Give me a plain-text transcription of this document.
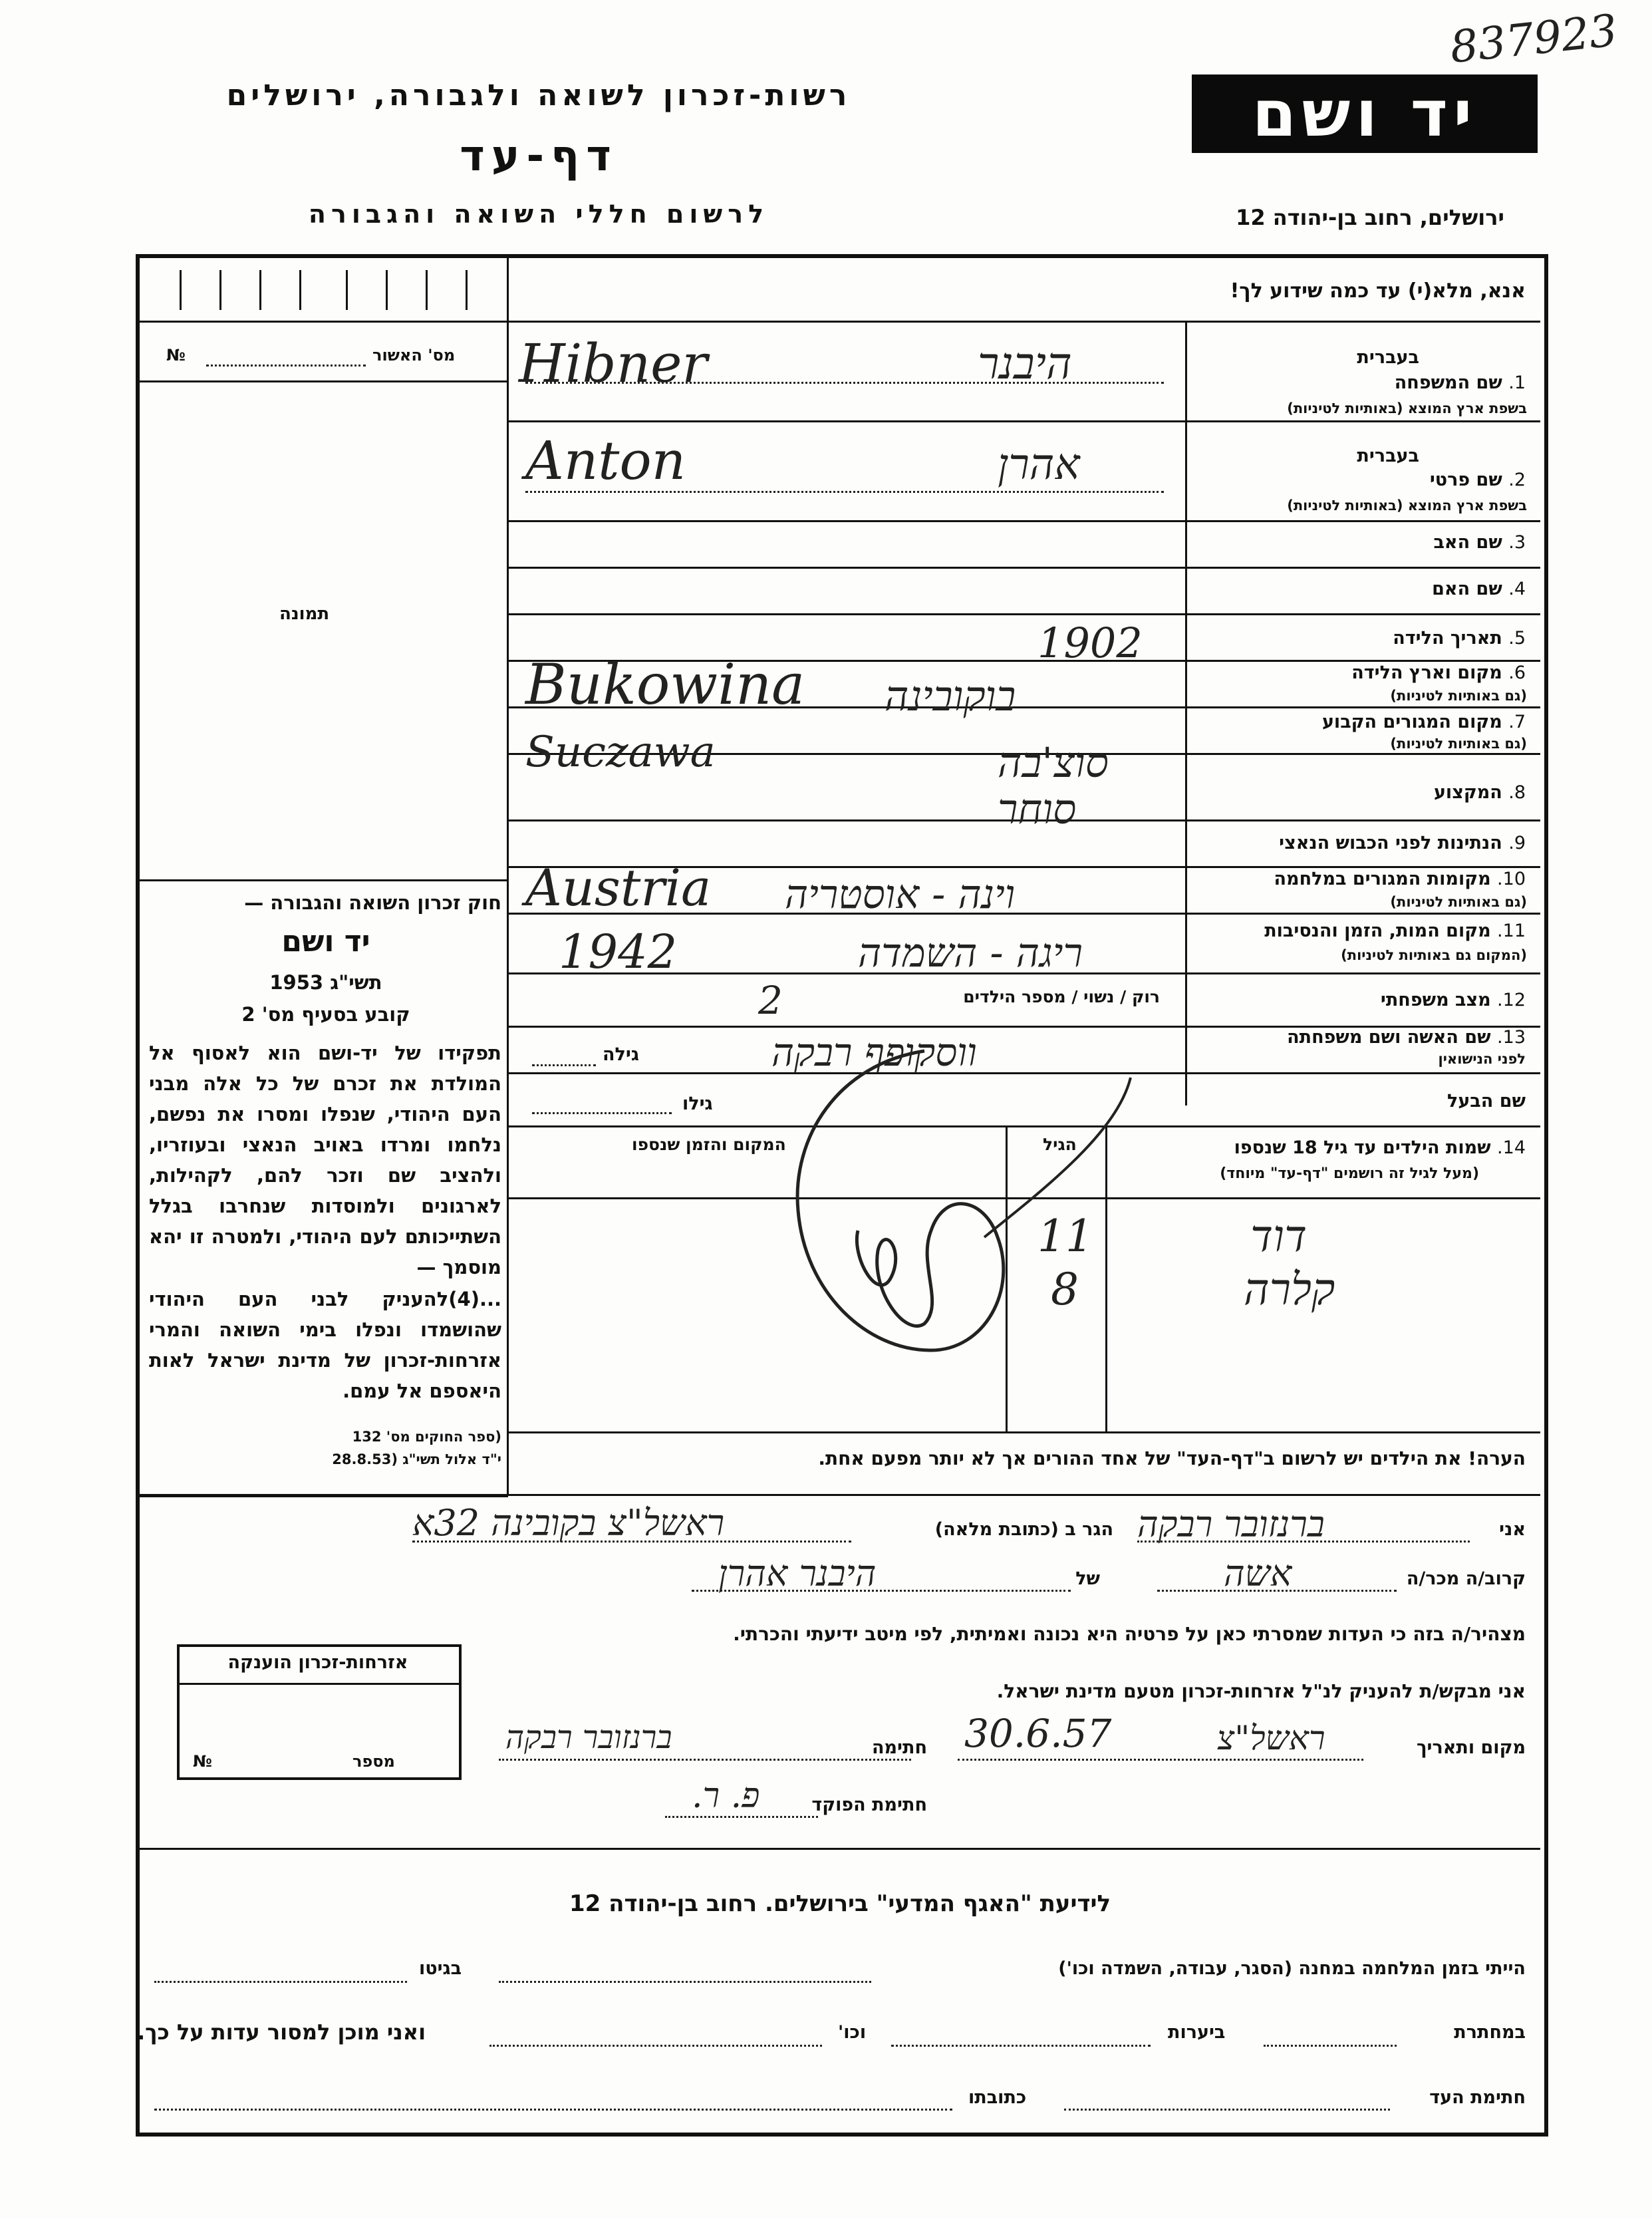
837923
רשות-זכרון לשואה ולגבורה, ירושלים
דף-עד
לרשום חללי השואה והגבורה
יד ושם
ירושלים, רחוב בן-יהודה 12
אנא, מלא(י) עד כמה שידוע לך!
מס' האשור
№
תמונה
חוק זכרון השואה והגבורה —
יד ושם
תשי"ג 1953
קובע בסעיף מס' 2
תפקידו של יד-ושם הוא לאסוף אל המולדת את זכרם של כל אלה מבני העם היהודי, שנפלו ומסרו את נפשם, נלחמו ומרדו באויב הנאצי ובעוזריו, ולהציב שם וזכר להם, לקהילות, לארגונים ולמוסדות שנחרבו בגלל השתייכותם לעם היהודי, ולמטרה זו יהא מוסמך —
...(4)להעניק לבני העם היהודי שהושמדו ונפלו בימי השואה והמרי אזרחות-זכרון של מדינת ישראל לאות היאספם אל עמם.
(ספר החוקים מס' 132
י"ד אלול תשי"ג (28.8.53
1. שם המשפחה
בשפת ארץ המוצא (באותיות לטיניות)
בעברית
Hibner	היבנר
2. שם פרטי
בשפת ארץ המוצא (באותיות לטיניות)
בעברית
Anton	אהרן
3. שם האב
4. שם האם
5. תאריך הלידה
1902
6. מקום וארץ הלידה
(גם באותיות לטיניות)
Bukowina בוקובינה
7. מקום המגורים הקבוע
(גם באותיות לטיניות)
Suczawa	סוצ'בה
8. המקצוע
סוחר
9. הנתינות לפני הכבוש הנאצי
10. מקומות המגורים במלחמה
(גם באותיות לטיניות)
Austria וינה - אוסטריה
11. מקום המות, הזמן והנסיבות
(המקום גם באותיות לטיניות)
1942	ריגה - השמדה
12. מצב משפחתי
רוק / נשוי / מספר הילדים
2
13. שם האשה ושם משפחתה
לפני הנישואין
גילה	ווסקופף רבקה
שם הבעל
גילו
14. שמות הילדים עד גיל 18 שנספו
(מעל לגיל זה רושמים "דף-עד" מיוחד)
הגיל
המקום והזמן שנספו
דוד
11
קלרה
8
הערה! את הילדים יש לרשום ב"דף-העד" של אחד ההורים אך לא יותר מפעם אחת.
אני
ברנזובר רבקה
הגר ב (כתובת מלאה)
ראשל"צ בקובינה 32א
קרוב/ה מכר/ה
אשה
של
היבנר אהרן
מצהיר/ה בזה כי העדות שמסרתי כאן על פרטיה היא נכונה ואמיתית, לפי מיטב ידיעתי והכרתי.
אני מבקש/ת להעניק לנ"ל אזרחות-זכרון מטעם מדינת ישראל.
מקום ותאריך
ראשל"צ
30.6.57
חתימה
ברנזובר רבקה
חתימת הפוקד
פ. ר.
אזרחות-זכרון הוענקה
№	מספר
לידיעת "האגף המדעי" בירושלים. רחוב בן-יהודה 12
הייתי בזמן המלחמה במחנה (הסגר, עבודה, השמדה וכו')
בגיטו
במחתרת
ביערות
וכו'
ואני מוכן למסור עדות על כך.
חתימת העד
כתובתו
